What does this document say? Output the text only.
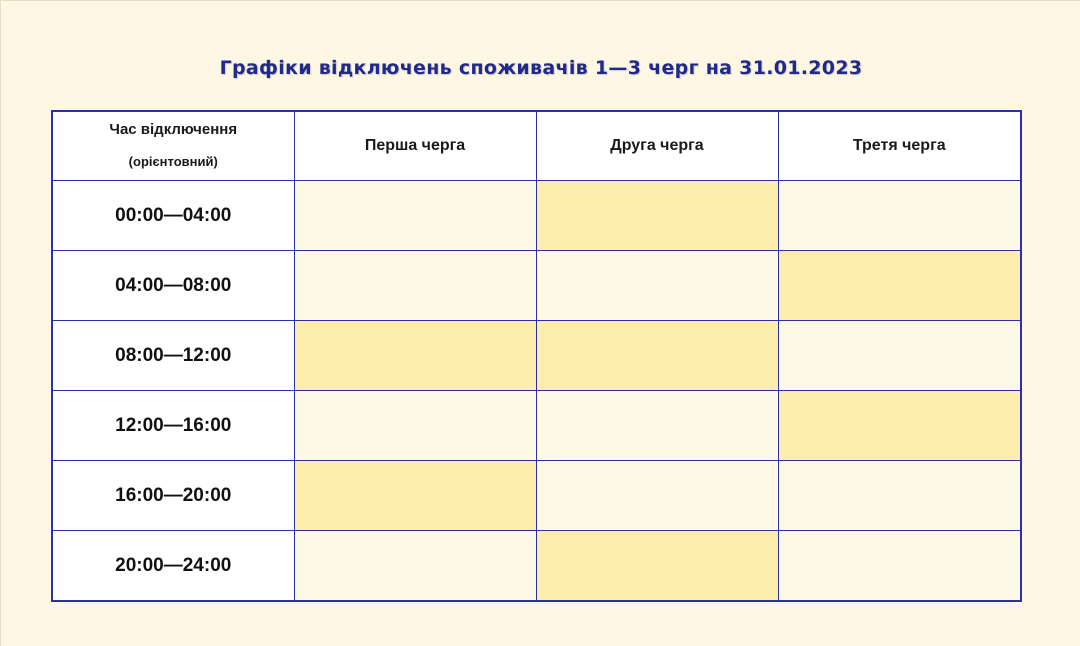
Графіки відключень споживачів 1—3 черг на 31.01.2023
Час відключення
(орієнтовний)	Перша черга	Друга черга	Третя черга
00:00—04:00			
04:00—08:00			
08:00—12:00			
12:00—16:00			
16:00—20:00			
20:00—24:00			
